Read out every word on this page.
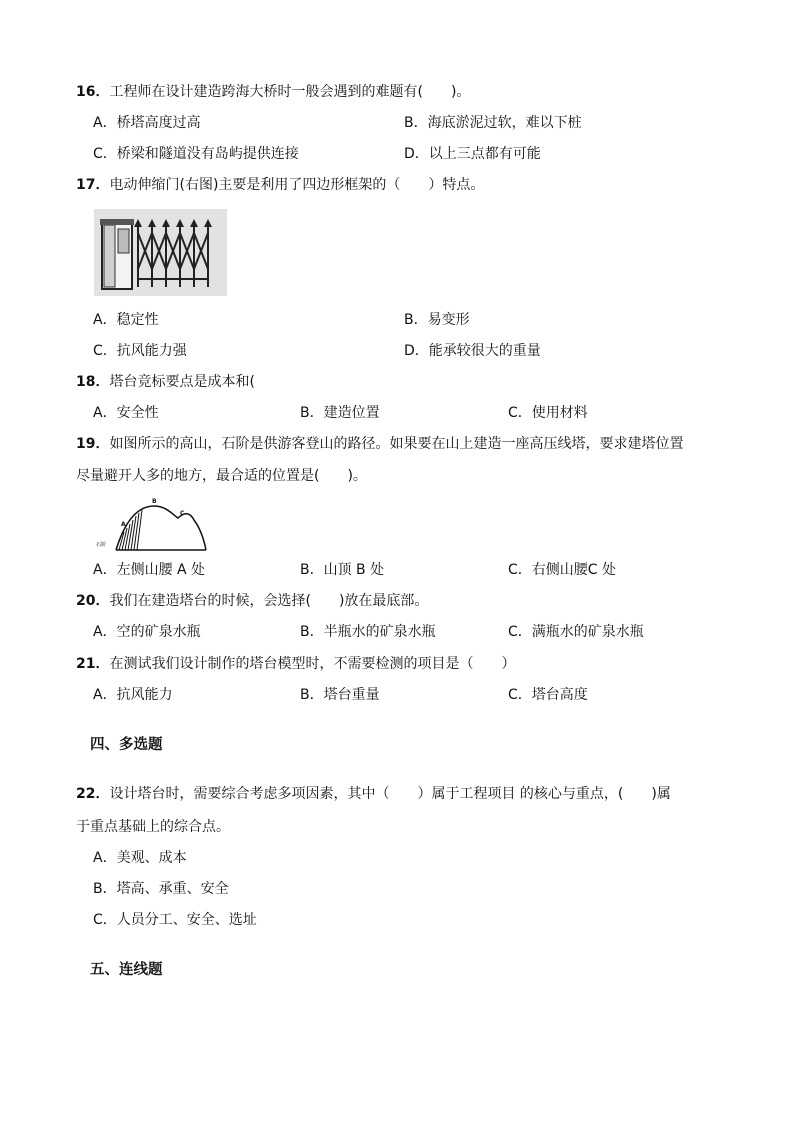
16．工程师在设计建造跨海大桥时一般会遇到的难题有(　　)。
A．桥塔高度过高	B．海底淤泥过软，难以下桩
C．桥梁和隧道没有岛屿提供连接	D．以上三点都有可能
17．电动伸缩门(右图)主要是利用了四边形框架的（　　）特点。
A．稳定性	B．易变形
C．抗风能力强	D．能承较很大的重量
18．塔台竞标要点是成本和(
A．安全性	B．建造位置	C．使用材料
19．如图所示的高山，石阶是供游客登山的路径。如果要在山上建造一座高压线塔，要求建塔位置
尽量避开人多的地方，最合适的位置是(　　)。
A
B
C
石阶
A．左侧山腰 A 处	B．山顶 B 处	C．右侧山腰C 处
20．我们在建造塔台的时候，会选择(　　)放在最底部。
A．空的矿泉水瓶	B．半瓶水的矿泉水瓶	C．满瓶水的矿泉水瓶
21．在测试我们设计制作的塔台模型时，不需要检测的项目是（　　）
A．抗风能力	B．塔台重量	C．塔台高度
四、多选题
22．设计塔台时，需要综合考虑多项因素，其中（　　）属于工程项目 的核心与重点，(　　)属
于重点基础上的综合点。
A．美观、成本
B．塔高、承重、安全
C．人员分工、安全、选址
五、连线题
